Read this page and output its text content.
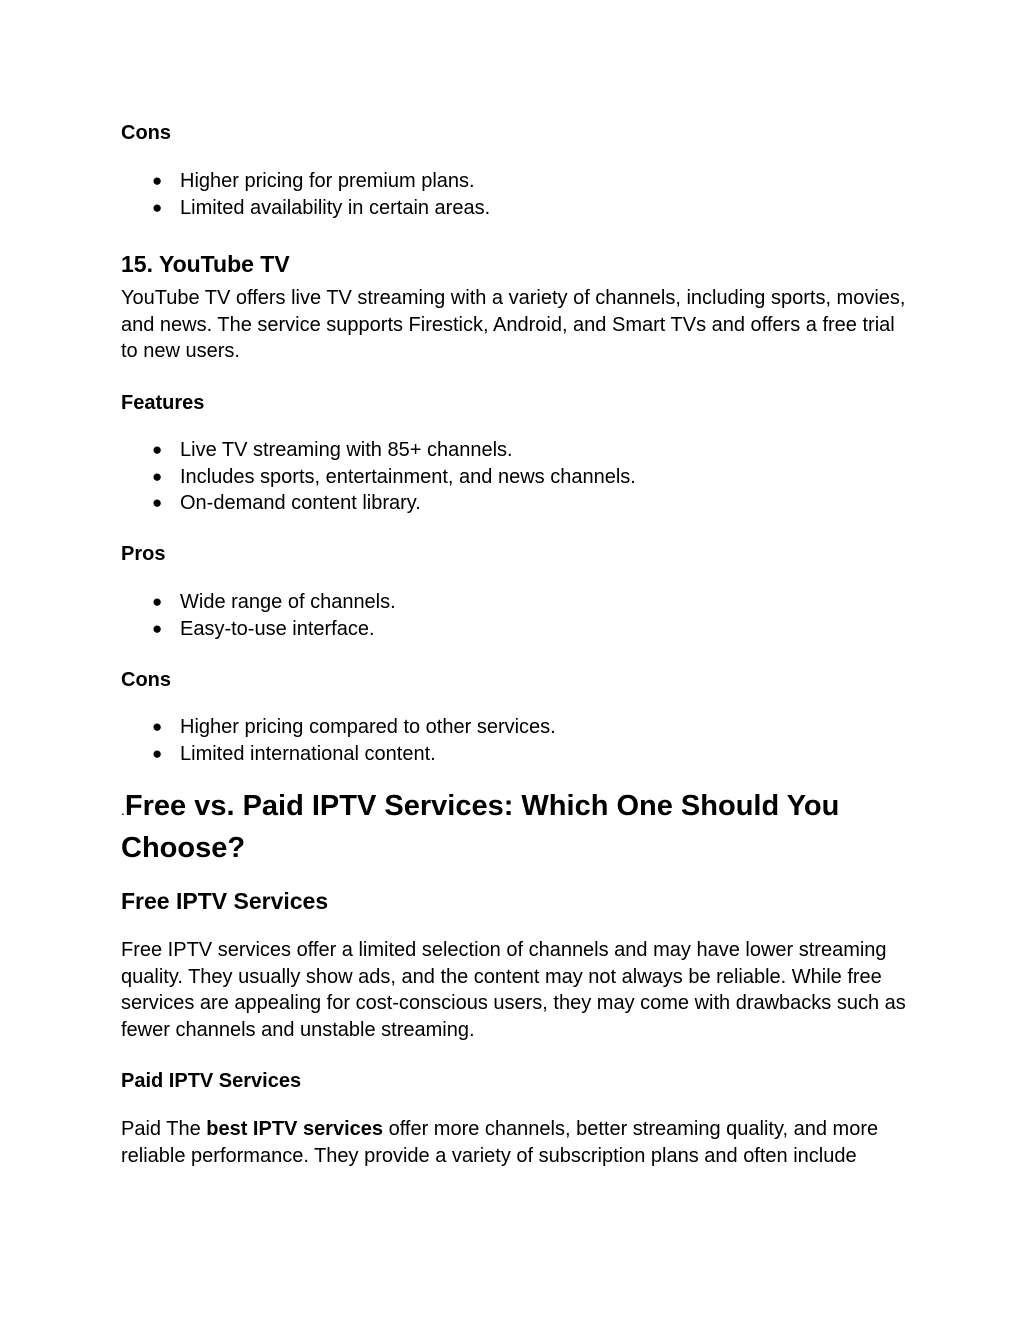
Cons
● Higher pricing for premium plans.
● Limited availability in certain areas.
15. YouTube TV

YouTube TV offers live TV streaming with a variety of channels, including sports, movies, and news. The service supports Firestick, Android, and Smart TVs and offers a free trial to new users.

Features
● Live TV streaming with 85+ channels.
● Includes sports, entertainment, and news channels.
● On-demand content library.
Pros
● Wide range of channels.
● Easy-to-use interface.
Cons
● Higher pricing compared to other services.
● Limited international content.
.Free vs. Paid IPTV Services: Which One Should You Choose?
Free IPTV Services

Free IPTV services offer a limited selection of channels and may have lower streaming quality. They usually show ads, and the content may not always be reliable. While free services are appealing for cost-conscious users, they may come with drawbacks such as fewer channels and unstable streaming.

Paid IPTV Services

Paid The best IPTV services offer more channels, better streaming quality, and more reliable performance. They provide a variety of subscription plans and often include
